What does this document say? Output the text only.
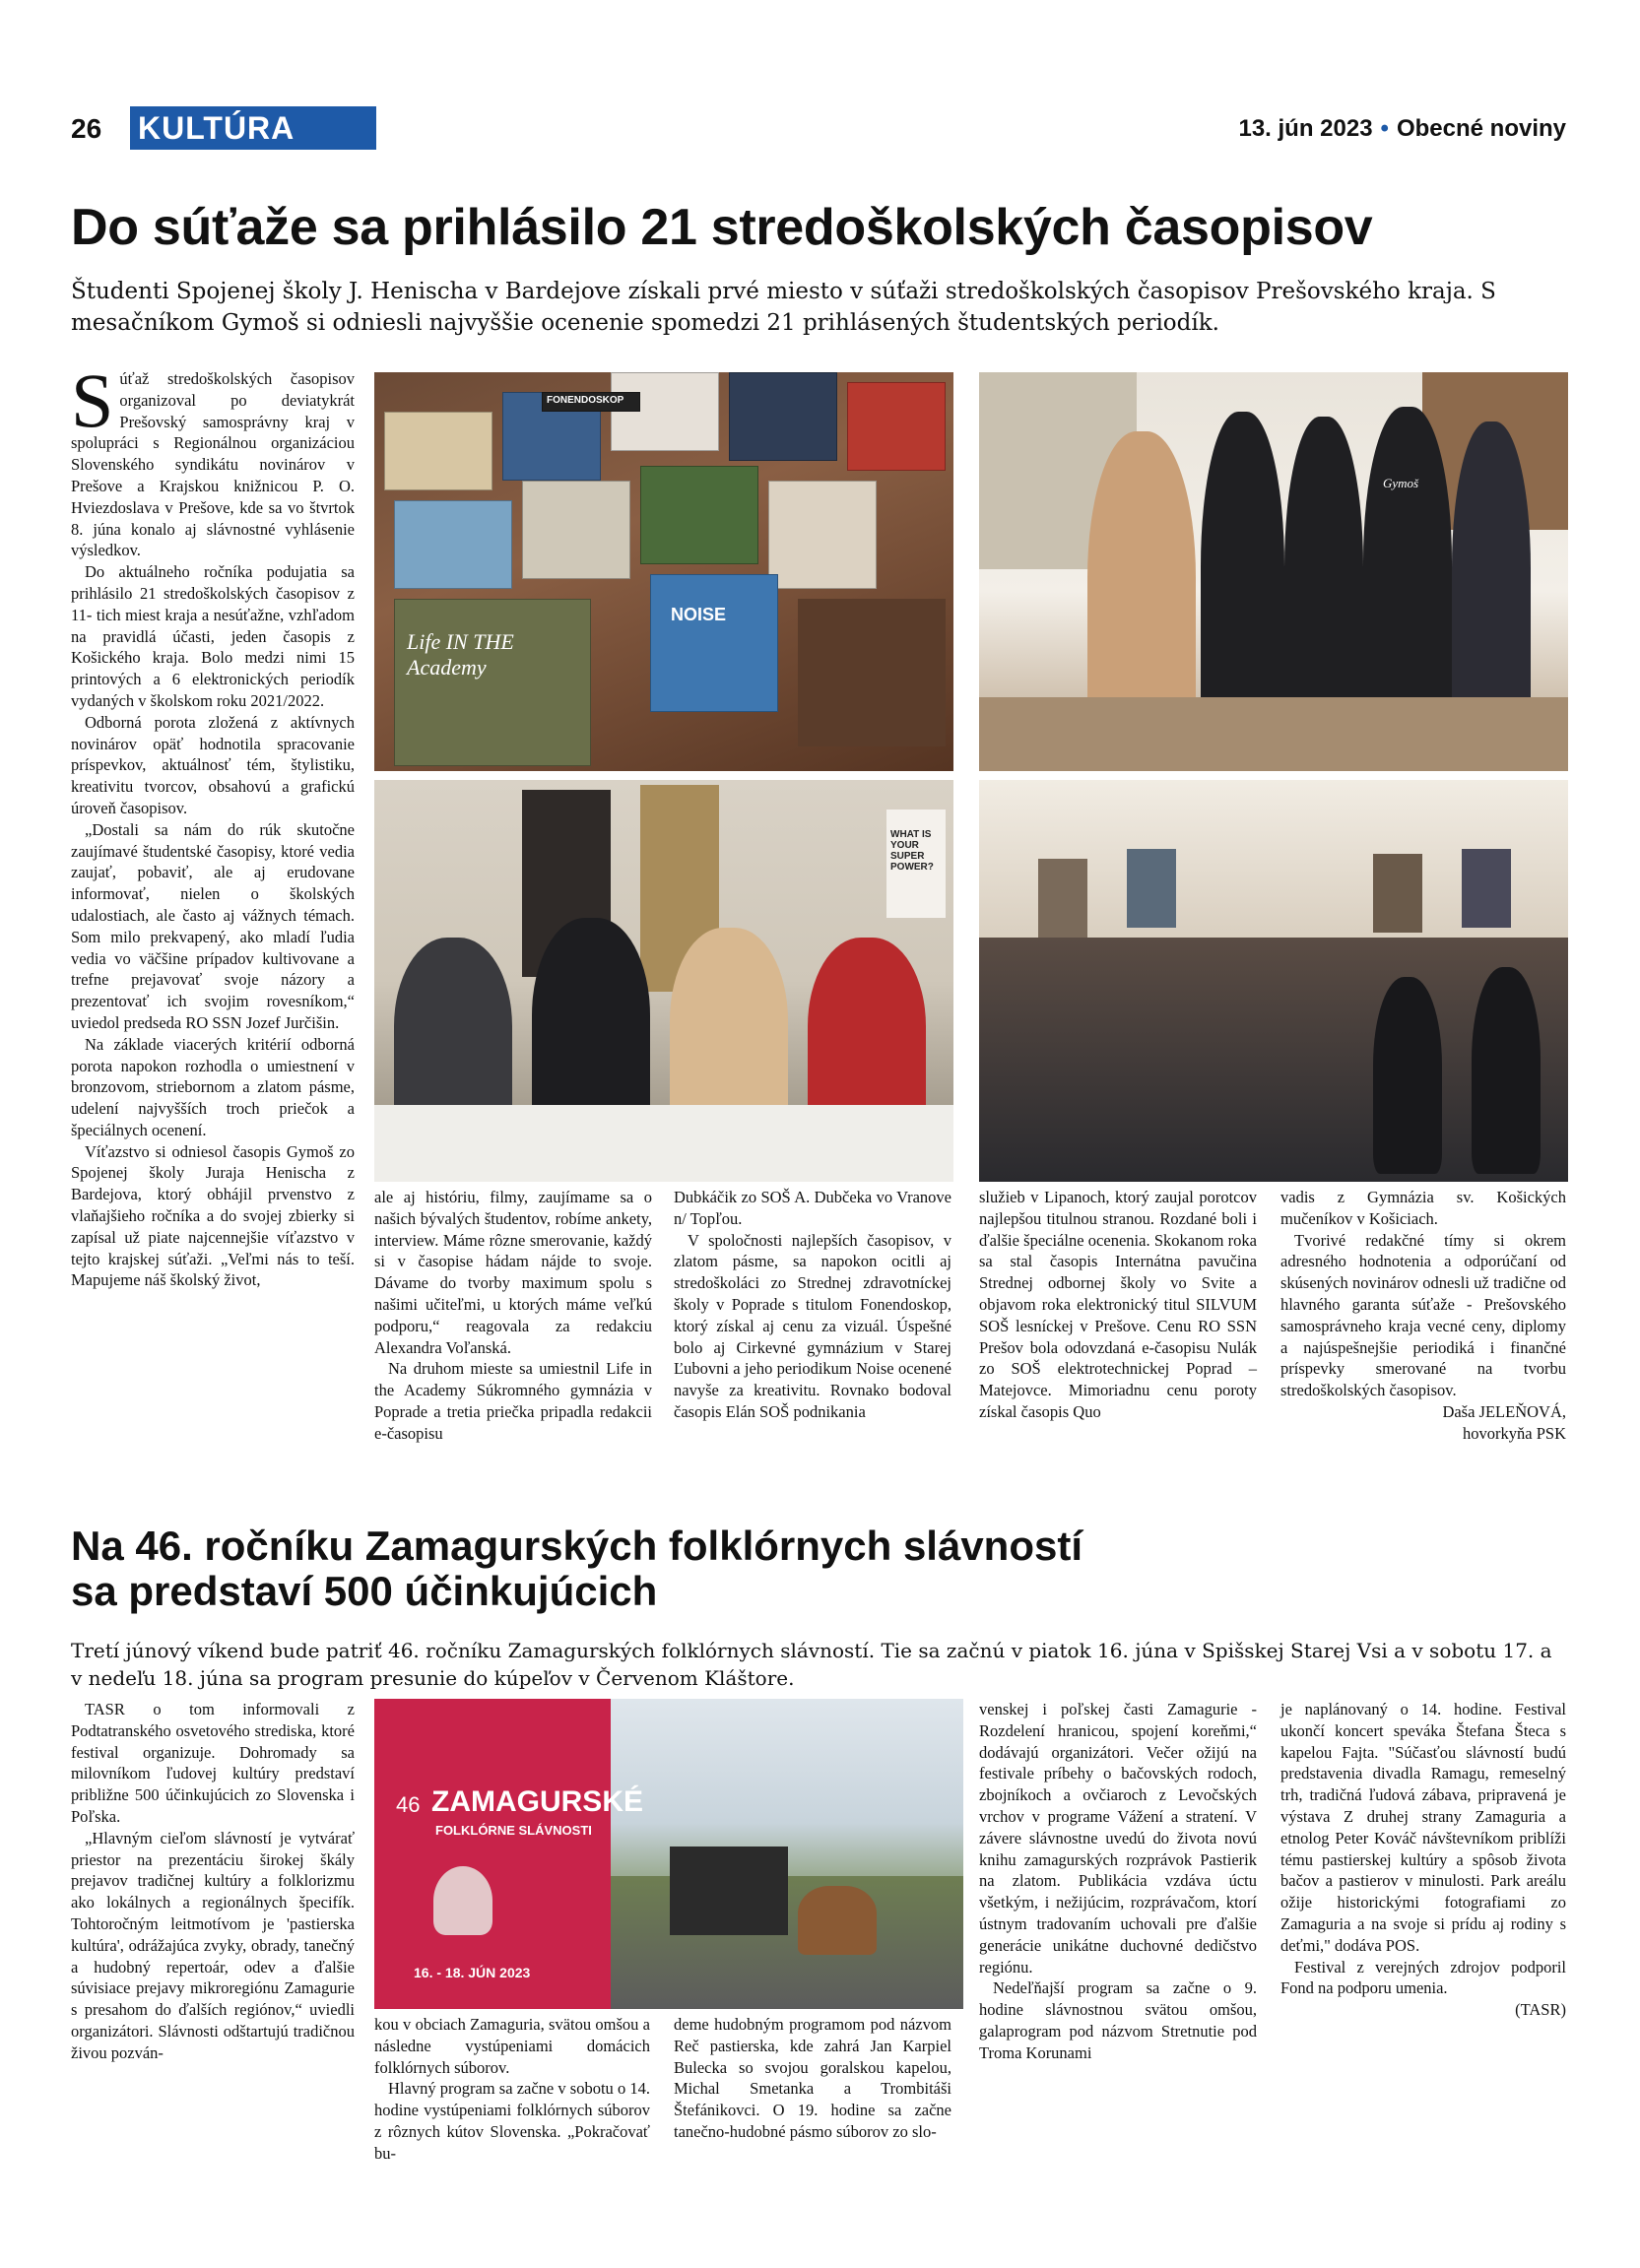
26 KULTÚRA	13. jún 2023 • Obecné noviny
Do súťaže sa prihlásilo 21 stredoškolských časopisov

Študenti Spojenej školy J. Henischa v Bardejove získali prvé miesto v súťaži stredoškolských časopisov Prešovského kraja. S mesačníkom Gymoš si odniesli najvyššie ocenenie spomedzi 21 prihlásených študentských periodík.

Súťaž stredoškolských časopisov organizoval po deviatykrát Prešovský samosprávny kraj v spolupráci s Regionálnou organizáciou Slovenského syndikátu novinárov v Prešove a Krajskou knižnicou P. O. Hviezdoslava v Prešove, kde sa vo štvrtok 8. júna konalo aj slávnostné vyhlásenie výsledkov.

Do aktuálneho ročníka podujatia sa prihlásilo 21 stredoškolských časopisov z 11- tich miest kraja a nesúťažne, vzhľadom na pravidlá účasti, jeden časopis z Košického kraja. Bolo medzi nimi 15 printových a 6 elektronických periodík vydaných v školskom roku 2021/2022.

Odborná porota zložená z aktívnych novinárov opäť hodnotila spracovanie príspevkov, aktuálnosť tém, štylistiku, kreativitu tvorcov, obsahovú a grafickú úroveň časopisov.

„Dostali sa nám do rúk skutočne zaujímavé študentské časopisy, ktoré vedia zaujať, pobaviť, ale aj erudovane informovať, nielen o školských udalostiach, ale často aj vážnych témach. Som milo prekvapený, ako mladí ľudia vedia vo väčšine prípadov kultivovane a trefne prejavovať svoje názory a prezentovať ich svojim rovesníkom,“ uviedol predseda RO SSN Jozef Jurčišin.

Na základe viacerých kritérií odborná porota napokon rozhodla o umiestnení v bronzovom, striebornom a zlatom pásme, udelení najvyšších troch priečok a špeciálnych ocenení.

Víťazstvo si odniesol časopis Gymoš zo Spojenej školy Juraja Henischa z Bardejova, ktorý obhájil prvenstvo z vlaňajšieho ročníka a do svojej zbierky si zapísal už piate najcennejšie víťazstvo v tejto krajskej súťaži. „Veľmi nás to teší. Mapujeme náš školský život,

NOISE
Life IN THE Academy
FONENDOSKOP
Gymoš
WHAT IS YOUR SUPER POWER?

ale aj históriu, filmy, zaujímame sa o našich bývalých študentov, robíme ankety, interview. Máme rôzne smerovanie, každý si v časopise hádam nájde to svoje. Dávame do tvorby maximum spolu s našimi učiteľmi, u ktorých máme veľkú podporu,“ reagovala za redakciu Alexandra Voľanská.

Na druhom mieste sa umiestnil Life in the Academy Súkromného gymnázia v Poprade a tretia priečka pripadla redakcii e-časopisu

Dubkáčik zo SOŠ A. Dubčeka vo Vranove n/ Topľou.

V spoločnosti najlepších časopisov, v zlatom pásme, sa napokon ocitli aj stredoškoláci zo Strednej zdravotníckej školy v Poprade s titulom Fonendoskop, ktorý získal aj cenu za vizuál. Úspešné bolo aj Cirkevné gymnázium v Starej Ľubovni a jeho periodikum Noise ocenené navyše za kreativitu. Rovnako bodoval časopis Elán SOŠ podnikania

služieb v Lipanoch, ktorý zaujal porotcov najlepšou titulnou stranou. Rozdané boli i ďalšie špeciálne ocenenia. Skokanom roka sa stal časopis Internátna pavučina Strednej odbornej školy vo Svite a objavom roka elektronický titul SILVUM SOŠ lesníckej v Prešove. Cenu RO SSN Prešov bola odovzdaná e-časopisu Nulák zo SOŠ elektrotechnickej Poprad – Matejovce. Mimoriadnu cenu poroty získal časopis Quo

vadis z Gymnázia sv. Košických mučeníkov v Košiciach.

Tvorivé redakčné tímy si okrem adresného hodnotenia a odporúčaní od skúsených novinárov odnesli už tradične od hlavného garanta súťaže - Prešovského samosprávneho kraja vecné ceny, diplomy a najúspešnejšie periodiká i finančné príspevky smerované na tvorbu stredoškolských časopisov.

Daša JELEŇOVÁ,

hovorkyňa PSK

Na 46. ročníku Zamagurských folklórnych slávností
sa predstaví 500 účinkujúcich

Tretí júnový víkend bude patriť 46. ročníku Zamagurských folklórnych slávností. Tie sa začnú v piatok 16. júna v Spišskej Starej Vsi a v sobotu 17. a v nedeľu 18. júna sa program presunie do kúpeľov v Červenom Kláštore.

TASR o tom informovali z Podtatranského osvetového strediska, ktoré festival organizuje. Dohromady sa milovníkom ľudovej kultúry predstaví približne 500 účinkujúcich zo Slovenska i Poľska.

„Hlavným cieľom slávností je vytvárať priestor na prezentáciu širokej škály prejavov tradičnej kultúry a folklorizmu ako lokálnych a regionálnych špecifík. Tohtoročným leitmotívom je 'pastierska kultúra', odrážajúca zvyky, obrady, tanečný a hudobný repertoár, odev a ďalšie súvisiace prejavy mikroregiónu Zamagurie s presahom do ďalších regiónov,“ uviedli organizátori. Slávnosti odštartujú tradičnou živou pozván-

46 ZAMAGURSKÉ
FOLKLÓRNE SLÁVNOSTI
16. - 18. JÚN 2023

kou v obciach Zamaguria, svätou omšou a následne vystúpeniami domácich folklórnych súborov.

Hlavný program sa začne v sobotu o 14. hodine vystúpeniami folklórnych súborov z rôznych kútov Slovenska. „Pokračovať bu-

deme hudobným programom pod názvom Reč pastierska, kde zahrá Jan Karpiel Bulecka so svojou goralskou kapelou, Michal Smetanka a Trombitáši Štefánikovci. O 19. hodine sa začne tanečno-hudobné pásmo súborov zo slo-

venskej i poľskej časti Zamagurie - Rozdelení hranicou, spojení koreňmi,“ dodávajú organizátori. Večer ožijú na festivale príbehy o bačovských rodoch, zbojníkoch a ovčiaroch z Levočských vrchov v programe Vážení a stratení. V závere slávnostne uvedú do života novú knihu zamagurských rozprávok Pastierik na zlatom. Publikácia vzdáva úctu všetkým, i nežijúcim, rozprávačom, ktorí ústnym tradovaním uchovali pre ďalšie generácie unikátne duchovné dedičstvo regiónu.

Nedeľňajší program sa začne o 9. hodine slávnostnou svätou omšou, galaprogram pod názvom Stretnutie pod Troma Korunami

je naplánovaný o 14. hodine. Festival ukončí koncert speváka Štefana Šteca s kapelou Fajta. "Súčasťou slávností budú predstavenia divadla Ramagu, remeselný trh, tradičná ľudová zábava, pripravená je výstava Z druhej strany Zamaguria a etnolog Peter Kováč návštevníkom priblíži tému pastierskej kultúry a spôsob života bačov a pastierov v minulosti. Park areálu ožije historickými fotografiami zo Zamaguria a na svoje si prídu aj rodiny s deťmi," dodáva POS.

Festival z verejných zdrojov podporil Fond na podporu umenia.

(TASR)
